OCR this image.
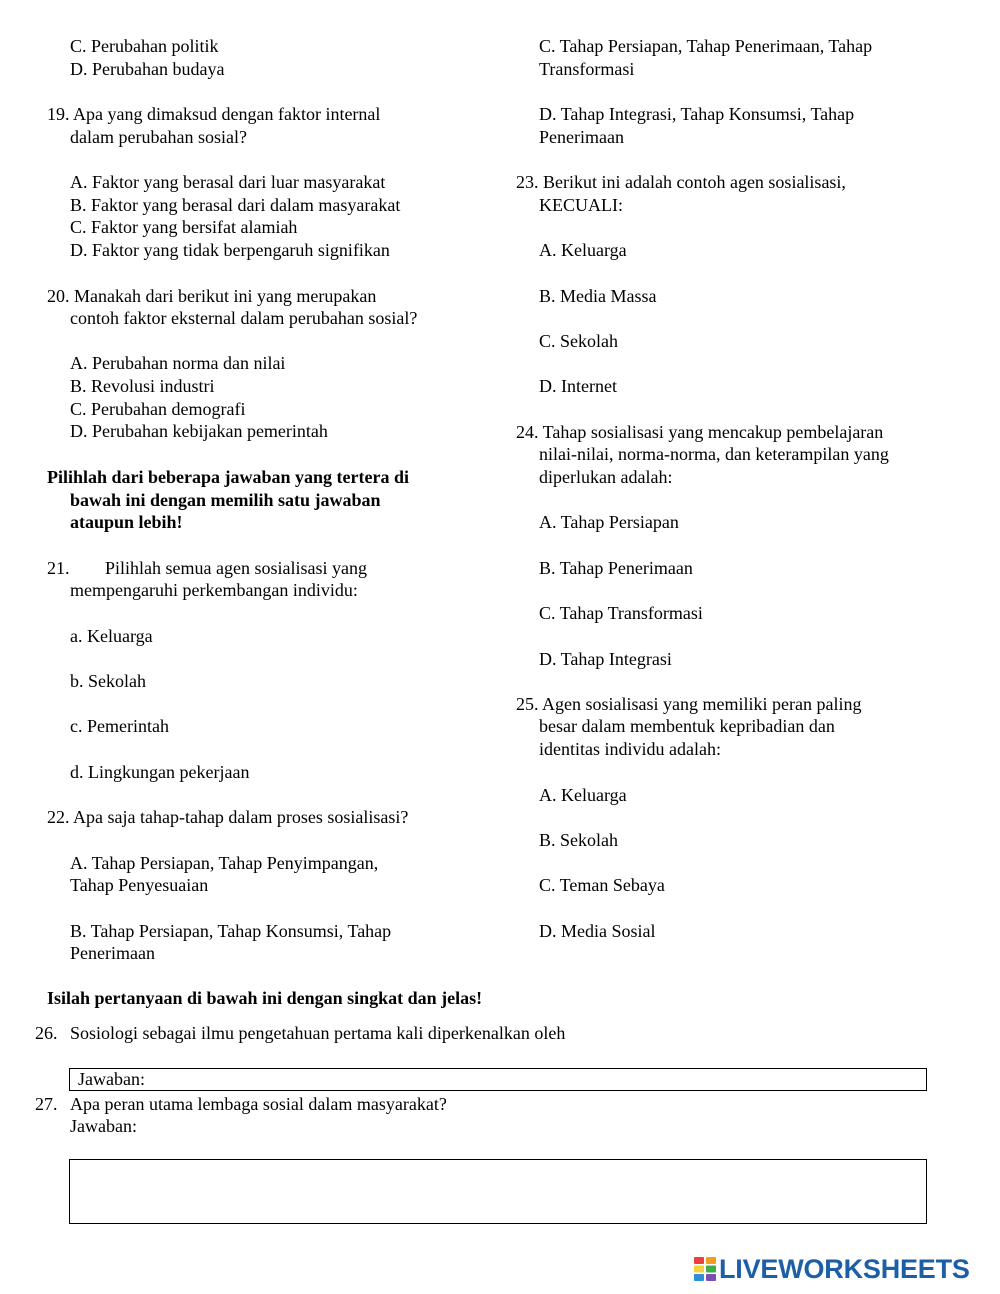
C. Perubahan politik
D. Perubahan budaya
19. Apa yang dimaksud dengan faktor internal
dalam perubahan sosial?
A. Faktor yang berasal dari luar masyarakat
B. Faktor yang berasal dari dalam masyarakat
C. Faktor yang bersifat alamiah
D. Faktor yang tidak berpengaruh signifikan
20. Manakah dari berikut ini yang merupakan
contoh faktor eksternal dalam perubahan sosial?
A. Perubahan norma dan nilai
B. Revolusi industri
C. Perubahan demografi
D. Perubahan kebijakan pemerintah
Pilihlah dari beberapa jawaban yang tertera di
bawah ini dengan memilih satu jawaban
ataupun lebih!
21. Pilihlah semua agen sosialisasi yang
mempengaruhi perkembangan individu:
a. Keluarga
b. Sekolah
c. Pemerintah
d. Lingkungan pekerjaan
22. Apa saja tahap-tahap dalam proses sosialisasi?
A. Tahap Persiapan, Tahap Penyimpangan,
Tahap Penyesuaian
B. Tahap Persiapan, Tahap Konsumsi, Tahap
Penerimaan
C. Tahap Persiapan, Tahap Penerimaan, Tahap
Transformasi
D. Tahap Integrasi, Tahap Konsumsi, Tahap
Penerimaan
23. Berikut ini adalah contoh agen sosialisasi,
KECUALI:
A. Keluarga
B. Media Massa
C. Sekolah
D. Internet
24. Tahap sosialisasi yang mencakup pembelajaran
nilai-nilai, norma-norma, dan keterampilan yang
diperlukan adalah:
A. Tahap Persiapan
B. Tahap Penerimaan
C. Tahap Transformasi
D. Tahap Integrasi
25. Agen sosialisasi yang memiliki peran paling
besar dalam membentuk kepribadian dan
identitas individu adalah:
A. Keluarga
B. Sekolah
C. Teman Sebaya
D. Media Sosial
Isilah pertanyaan di bawah ini dengan singkat dan jelas!
26. Sosiologi sebagai ilmu pengetahuan pertama kali diperkenalkan oleh
Jawaban:
27. Apa peran utama lembaga sosial dalam masyarakat?
Jawaban:
LIVEWORKSHEETS
